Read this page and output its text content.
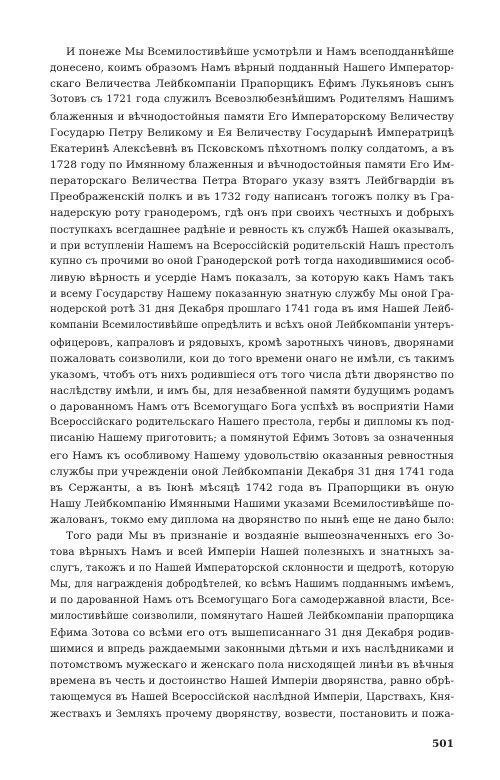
И понеже Мы Всемилостивѣйше усмотрѣли и Намъ всеподданнѣйше
донесено, коимъ образомъ Намъ вѣрный подданный Нашего Император-
скаго Величества Лейбкомпаніи Прапорщикъ Ефимъ Лукьяновъ сынъ
Зотовъ съ 1721 года служилъ Всевозлюбезнѣйшимъ Родителямъ Нашимъ
блаженныя и вѣчнодостойныя памяти Его Императорскому Величеству
Государю Петру Великому и Ея Величеству Государынѣ Императрицѣ
Екатеринѣ Алексѣевнѣ въ Псковскомъ пѣхотномъ полку солдатомъ, а въ
1728 году по Имянному блаженныя и вѣчнодостойныя памяти Его Им-
ператорскаго Величества Петра Втораго указу взятъ Лейбгвардіи въ
Преображенскій полкъ и въ 1732 году написанъ тогожъ полку въ Гра-
надерскую роту гранодеромъ, гдѣ онъ при своихъ честныхъ и добрыхъ
поступкахъ всегдашнее радѣніе и ревность къ службѣ Нашей оказывалъ,
и при вступленіи Нашемъ на Всероссійскій родительскій Нашъ престолъ
купно съ прочими во оной Гранодерской ротѣ тогда находившимися особ-
ливую вѣрность и усердіе Намъ показалъ, за которую какъ Намъ такъ
и всему Государству Нашему показанную знатную службу Мы оной Гра-
нодерской ротѣ 31 дня Декабря прошлаго 1741 года въ имя Нашей Лейб-
компаніи Всемилостивѣйше опредѣлить и всѣхъ оной Лейбкомпаніи унтеръ-
офицеровъ, капраловъ и рядовыхъ, кромѣ заротныхъ чиновъ, дворянами
пожаловать соизволили, кои до того времени онаго не имѣли, съ такимъ
указомъ, чтобъ отъ нихъ родившіеся отъ того числа дѣти дворянство по
наслѣдству имѣли, и имъ бы, для незабвенной памяти будущимъ родамъ
о дарованномъ Намъ отъ Всемогущаго Бога успѣхѣ въ восприятіи Нами
Всероссійскаго родительскаго Нашего престола, гербы и дипломы къ под-
писанію Нашему приготовить; а помянутой Ефимъ Зотовъ за означенныя
его Намъ къ особливому Нашему удовольствію оказанныя ревностныя
службы при учрежденіи оной Лейбкомпаніи Декабря 31 дня 1741 года
въ Сержанты, а въ Іюнѣ мѣсяцѣ 1742 года въ Прапорщики въ оную
Нашу Лейбкомпанію Имянными Нашими указами Всемилостивѣйше по-
жалованъ, токмо ему диплома на дворянство по нынѣ еще не дано было:
Того ради Мы въ признаніе и воздаяніе вышеозначенныхъ его Зо-
това вѣрныхъ Намъ и всей Имперіи Нашей полезныхъ и знатныхъ за-
слугъ, такожъ и по Нашей Императорской склонности и щедротѣ, которую
Мы, для награжденія добродѣтелей, ко всѣмъ Нашимъ подданнымъ имѣемъ,
и по дарованной Намъ отъ Всемогущаго Бога самодержавной власти, Все-
милостивѣйше соизволили, помянутаго Нашей Лейбкомпаніи прапорщика
Ефима Зотова со всѣми его отъ вышеписаннаго 31 дня Декабря родив-
шимися и впредь раждаемыми законными дѣтьми и ихъ наслѣдниками и
потомствомъ мужескаго и женскаго пола нисходящей линѣи въ вѣчныя
времена въ честь и достоинство Нашей Имперіи дворянства, равно обрѣ-
тающемуся въ Нашей Всероссійской наслѣдной Имперіи, Царствахъ, Кня-
жествахъ и Земляхъ прочему дворянству, возвести, постановить и пожа-
501
